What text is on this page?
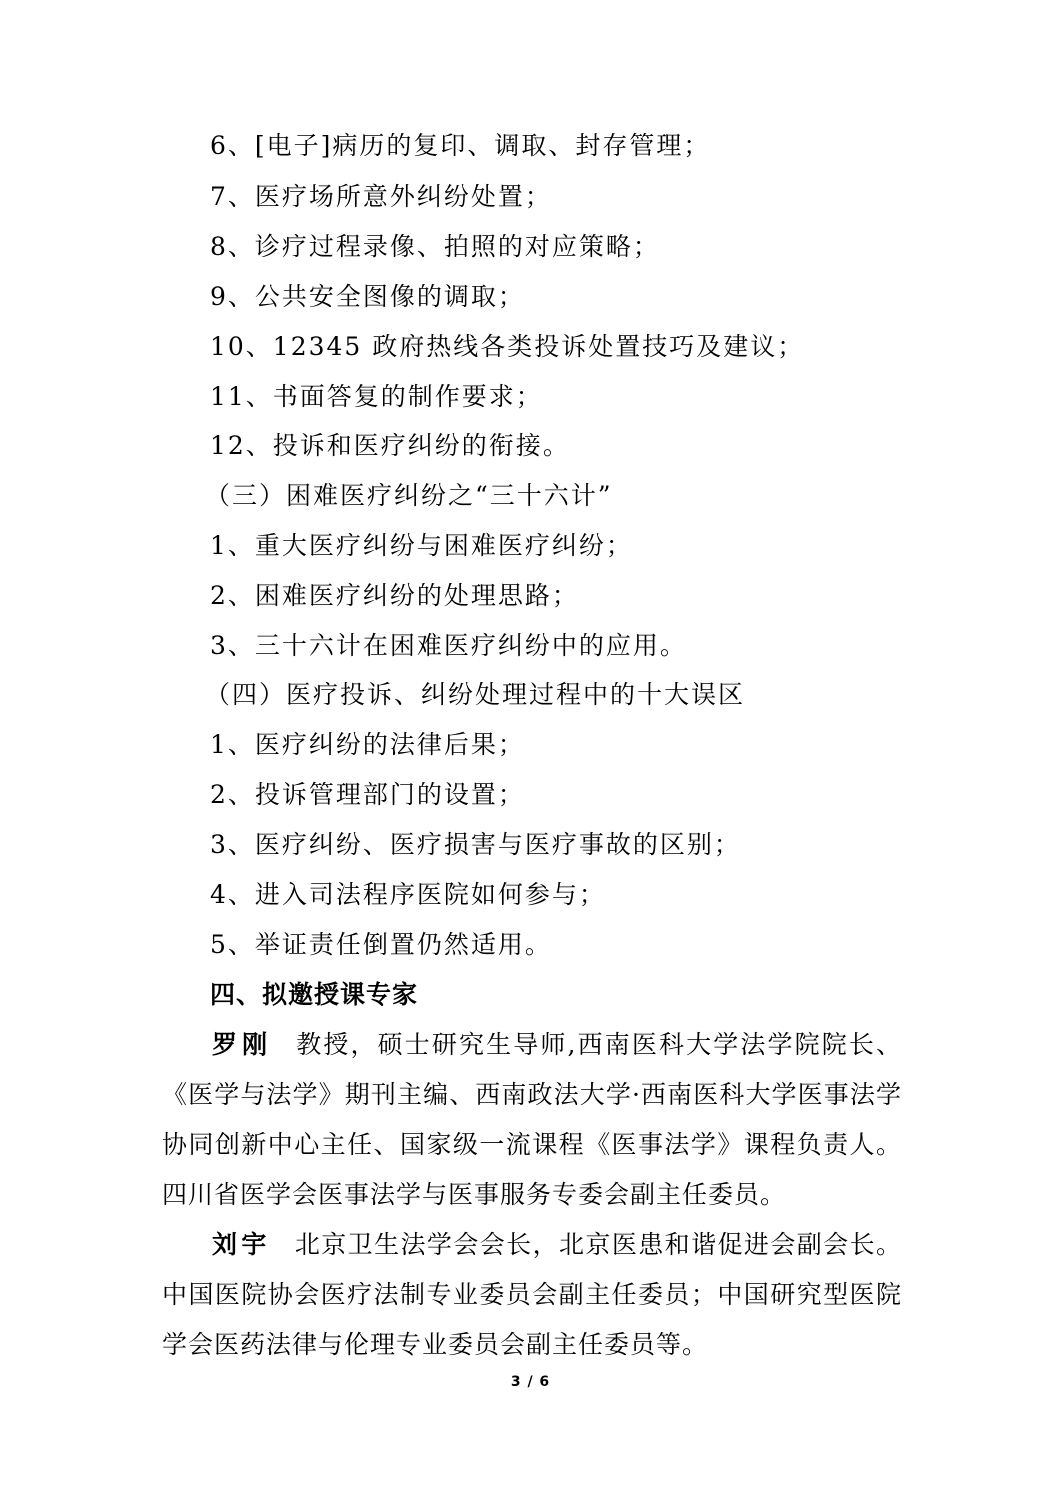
6、[电子]病历的复印、调取、封存管理；
7、医疗场所意外纠纷处置；
8、诊疗过程录像、拍照的对应策略；
9、公共安全图像的调取；
10、12345 政府热线各类投诉处置技巧及建议；
11、书面答复的制作要求；
12、投诉和医疗纠纷的衔接。
（三）困难医疗纠纷之“三十六计”
1、重大医疗纠纷与困难医疗纠纷；
2、困难医疗纠纷的处理思路；
3、三十六计在困难医疗纠纷中的应用。
（四）医疗投诉、纠纷处理过程中的十大误区
1、医疗纠纷的法律后果；
2、投诉管理部门的设置；
3、医疗纠纷、医疗损害与医疗事故的区别；
4、进入司法程序医院如何参与；
5、举证责任倒置仍然适用。
四、拟邀授课专家
罗刚 教授，硕士研究生导师,西南医科大学法学院院长、《医学与法学》期刊主编、西南政法大学·西南医科大学医事法学协同创新中心主任、国家级一流课程《医事法学》课程负责人。四川省医学会医事法学与医事服务专委会副主任委员。
刘宇 北京卫生法学会会长，北京医患和谐促进会副会长。中国医院协会医疗法制专业委员会副主任委员；中国研究型医院学会医药法律与伦理专业委员会副主任委员等。
3 / 6
